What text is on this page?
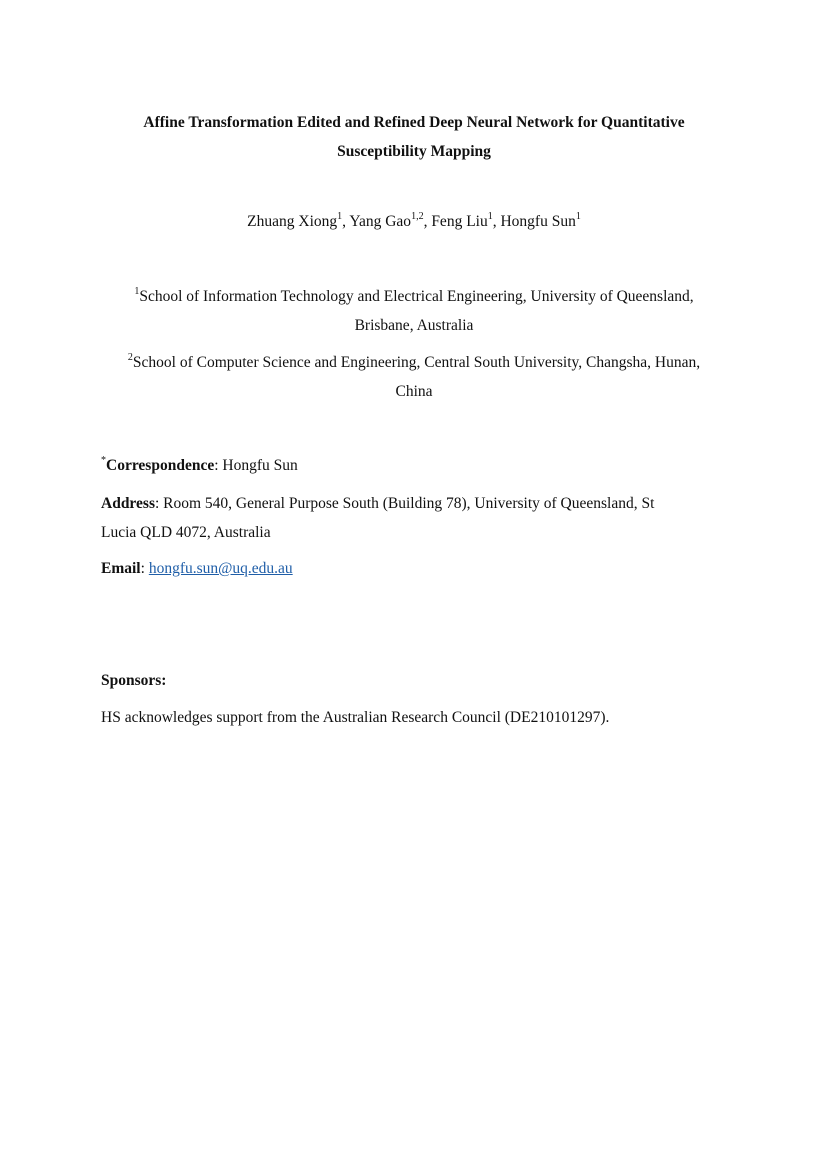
Affine Transformation Edited and Refined Deep Neural Network for Quantitative
Susceptibility Mapping
Zhuang Xiong$^1$, Yang Gao$^{1,2}$, Feng Liu$^1$, Hongfu Sun$^1$
$^1$School of Information Technology and Electrical Engineering, University of Queensland,
Brisbane, Australia
$^2$School of Computer Science and Engineering, Central South University, Changsha, Hunan,
China
*Correspondence: Hongfu Sun
Address: Room 540, General Purpose South (Building 78), University of Queensland, St
Lucia QLD 4072, Australia
Email: hongfu.sun@uq.edu.au
Sponsors:
HS acknowledges support from the Australian Research Council (DE210101297).
